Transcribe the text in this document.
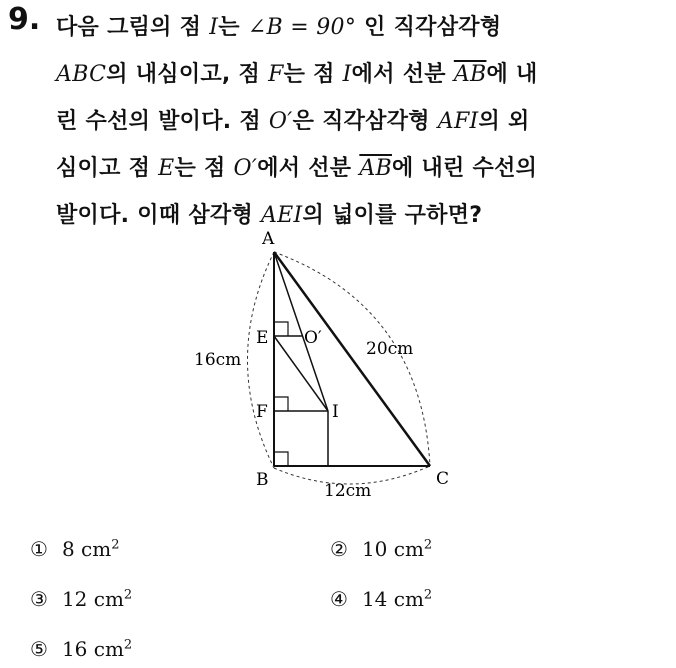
9. 다음 그림의 점 I는 ∠B = 90° 인 직각삼각형
ABC의 내심이고, 점 F는 점 I에서 선분 $\overline{AB}$에 내
린 수선의 발이다. 점 O′은 직각삼각형 AFI의 외
심이고 점 E는 점 O′에서 선분 $\overline{AB}$에 내린 수선의
발이다. 이때 삼각형 AEI의 넓이를 구하면?
A
E O′
F	I
B	C
16cm
20cm
12cm
① 8 $cm^2$	② 10 $cm^2$
③ 12 $cm^2$	④ 14 $cm^2$
⑤ 16 $cm^2$
